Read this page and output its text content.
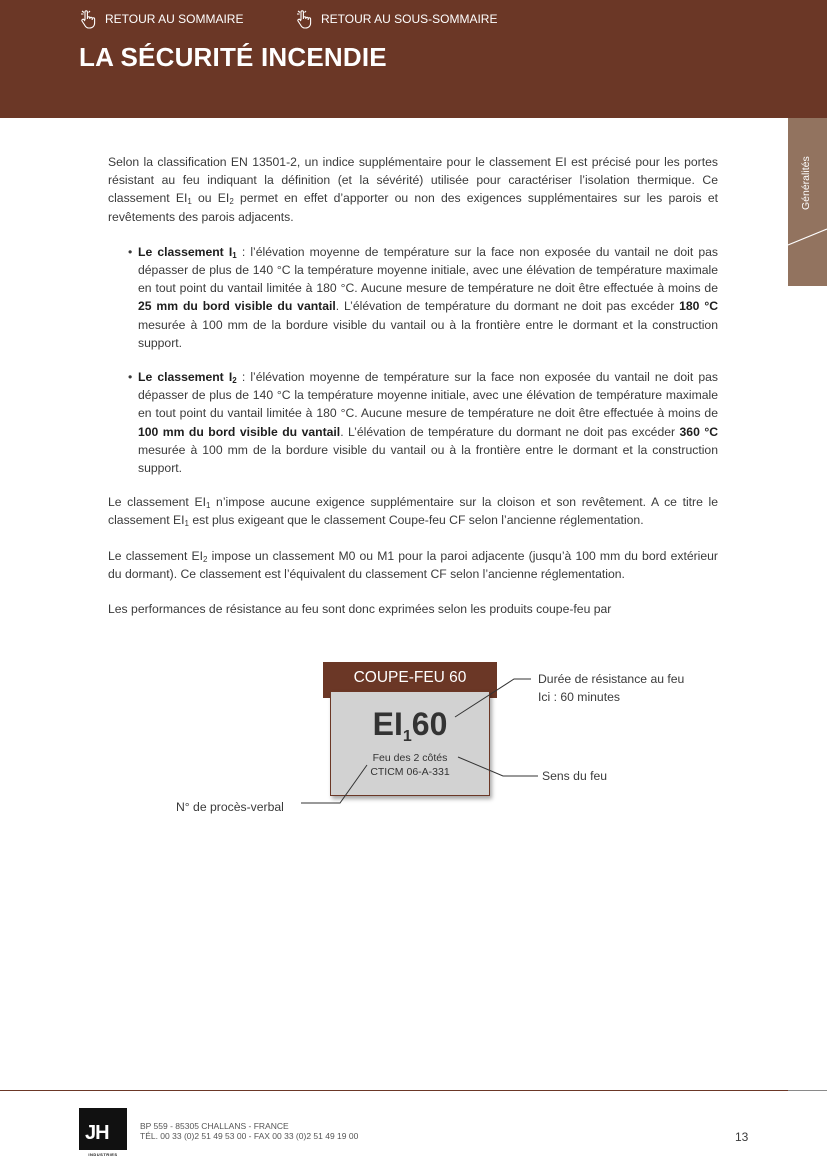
RETOUR AU SOMMAIRE	RETOUR AU SOUS-SOMMAIRE
LA SÉCURITÉ INCENDIE
Généralités

Selon la classification EN 13501-2, un indice supplémentaire pour le classement EI est précisé pour les portes résistant au feu indiquant la définition (et la sévérité) utilisée pour caractériser l’isolation thermique. Ce classement $EI_1$ ou $EI_2$ permet en effet d’apporter ou non des exigences supplémentaires sur les parois et revêtements des parois adjacents.

• Le classement $I_1$ : l’élévation moyenne de température sur la face non exposée du vantail ne doit pas dépasser de plus de 140 °C la température moyenne initiale, avec une élévation de température maximale en tout point du vantail limitée à 180 °C. Aucune mesure de température ne doit être effectuée à moins de 25 mm du bord visible du vantail. L’élévation de température du dormant ne doit pas excéder 180 °C mesurée à 100 mm de la bordure visible du vantail ou à la frontière entre le dormant et la construction support.
• Le classement $I_2$ : l’élévation moyenne de température sur la face non exposée du vantail ne doit pas dépasser de plus de 140 °C la température moyenne initiale, avec une élévation de température maximale en tout point du vantail limitée à 180 °C. Aucune mesure de température ne doit être effectuée à moins de 100 mm du bord visible du vantail. L’élévation de température du dormant ne doit pas excéder 360 °C mesurée à 100 mm de la bordure visible du vantail ou à la frontière entre le dormant et la construction support.

Le classement $EI_1$ n’impose aucune exigence supplémentaire sur la cloison et son revêtement. A ce titre le classement $EI_1$ est plus exigeant que le classement Coupe-feu CF selon l’ancienne réglementation.

Le classement $EI_2$ impose un classement M0 ou M1 pour la paroi adjacente (jusqu’à 100 mm du bord extérieur du dormant). Ce classement est l’équivalent du classement CF selon l’ancienne réglementation.

Les performances de résistance au feu sont donc exprimées selon les produits coupe-feu par

COUPE-FEU 60
$EI_160$
Feu des 2 côtés
CTICM 06-A-331
Durée de résistance au feu
Ici : 60 minutes
Sens du feu
N° de procès-verbal
JH
INDUSTRIES
BP 559 - 85305 CHALLANS - FRANCE
TÉL. 00 33 (0)2 51 49 53 00 - FAX 00 33 (0)2 51 49 19 00	13
